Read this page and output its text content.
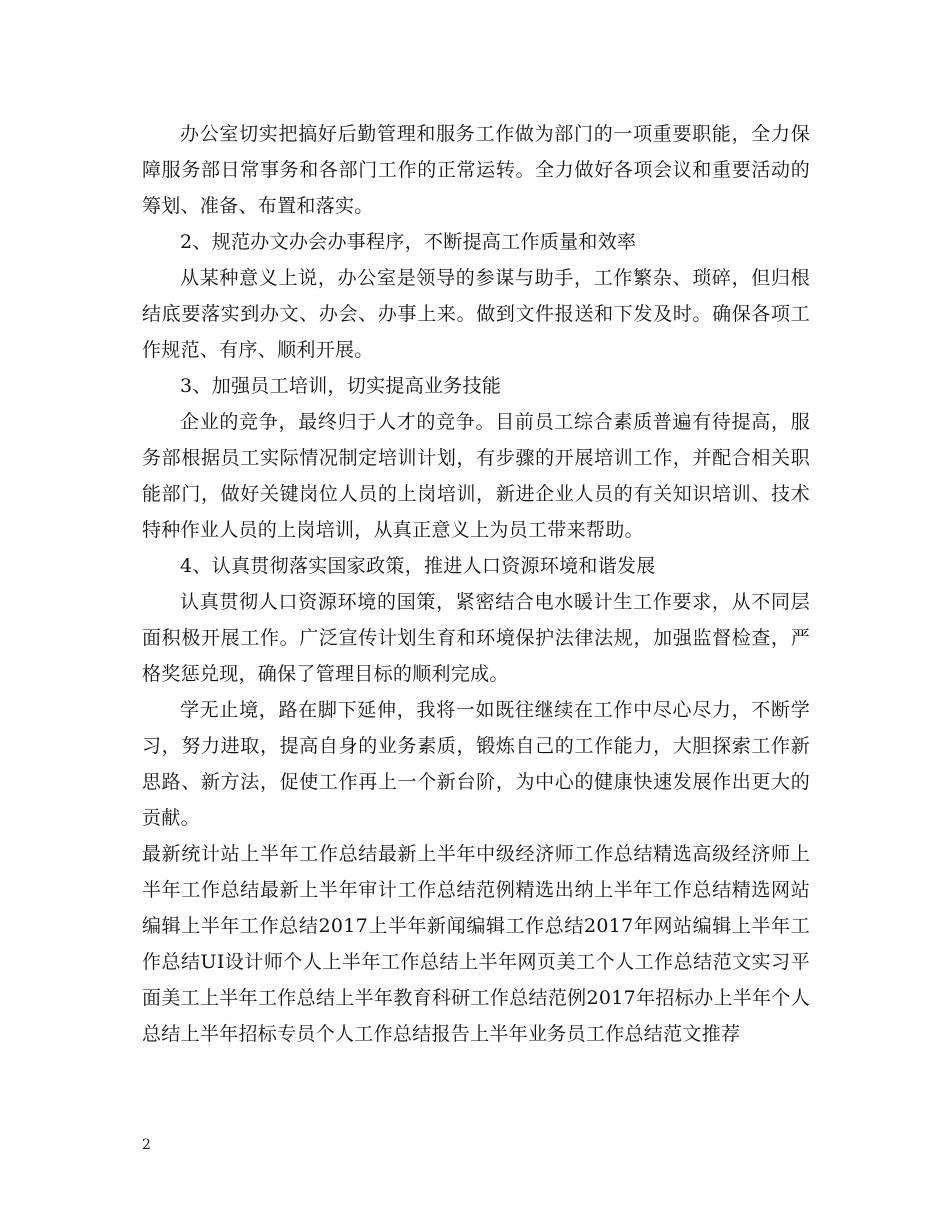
办公室切实把搞好后勤管理和服务工作做为部门的一项重要职能，全力保障服务部日常事务和各部门工作的正常运转。全力做好各项会议和重要活动的筹划、准备、布置和落实。

2、规范办文办会办事程序，不断提高工作质量和效率

从某种意义上说，办公室是领导的参谋与助手，工作繁杂、琐碎，但归根结底要落实到办文、办会、办事上来。做到文件报送和下发及时。确保各项工作规范、有序、顺利开展。

3、加强员工培训，切实提高业务技能

企业的竞争，最终归于人才的竞争。目前员工综合素质普遍有待提高，服务部根据员工实际情况制定培训计划，有步骤的开展培训工作，并配合相关职能部门，做好关键岗位人员的上岗培训，新进企业人员的有关知识培训、技术特种作业人员的上岗培训，从真正意义上为员工带来帮助。

4、认真贯彻落实国家政策，推进人口资源环境和谐发展

认真贯彻人口资源环境的国策，紧密结合电水暖计生工作要求，从不同层面积极开展工作。广泛宣传计划生育和环境保护法律法规，加强监督检查，严格奖惩兑现，确保了管理目标的顺利完成。

学无止境，路在脚下延伸，我将一如既往继续在工作中尽心尽力，不断学习，努力进取，提高自身的业务素质，锻炼自己的工作能力，大胆探索工作新思路、新方法，促使工作再上一个新台阶，为中心的健康快速发展作出更大的贡献。

最新统计站上半年工作总结最新上半年中级经济师工作总结精选高级经济师上半年工作总结最新上半年审计工作总结范例精选出纳上半年工作总结精选网站编辑上半年工作总结2017上半年新闻编辑工作总结2017年网站编辑上半年工作总结UI设计师个人上半年工作总结上半年网页美工个人工作总结范文实习平面美工上半年工作总结上半年教育科研工作总结范例2017年招标办上半年个人总结上半年招标专员个人工作总结报告上半年业务员工作总结范文推荐

2
